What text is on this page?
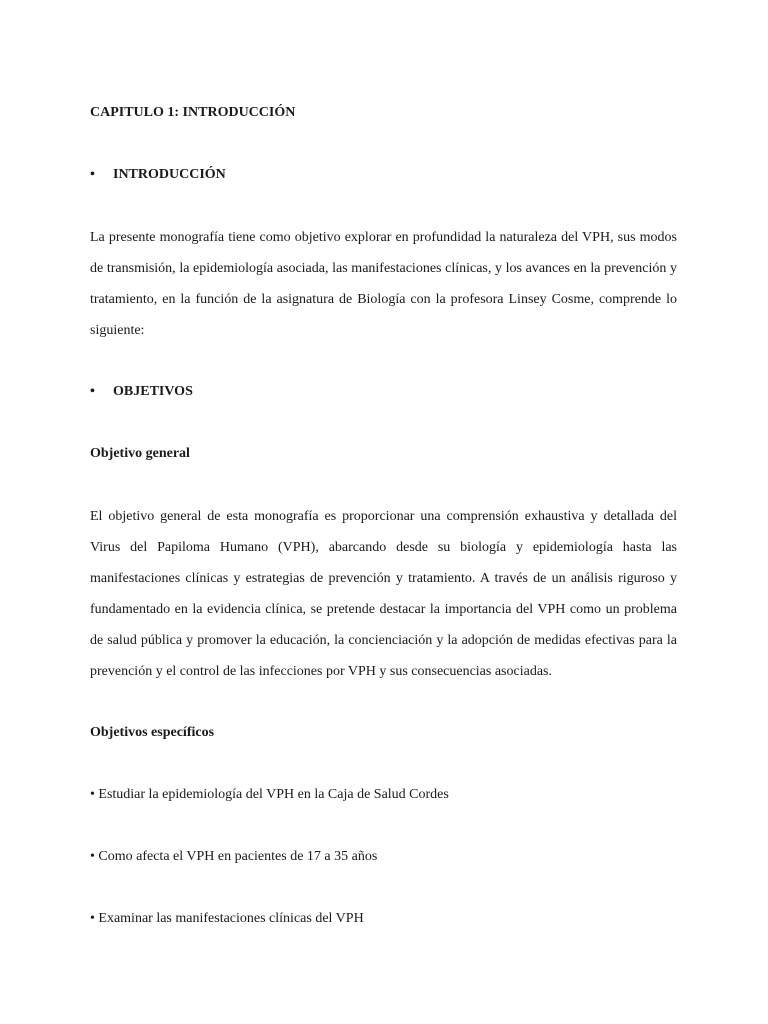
CAPITULO 1: INTRODUCCIÓN
• INTRODUCCIÓN
La presente monografía tiene como objetivo explorar en profundidad la naturaleza del VPH, sus modos de transmisión, la epidemiología asociada, las manifestaciones clínicas, y los avances en la prevención y tratamiento, en la función de la asignatura de Biología con la profesora Linsey Cosme, comprende lo siguiente:
• OBJETIVOS
Objetivo general
El objetivo general de esta monografía es proporcionar una comprensión exhaustiva y detallada del Virus del Papiloma Humano (VPH), abarcando desde su biología y epidemiología hasta las manifestaciones clínicas y estrategias de prevención y tratamiento. A través de un análisis riguroso y fundamentado en la evidencia clínica, se pretende destacar la importancia del VPH como un problema de salud pública y promover la educación, la concienciación y la adopción de medidas efectivas para la prevención y el control de las infecciones por VPH y sus consecuencias asociadas.
Objetivos específicos
• Estudiar la epidemiología del VPH en la Caja de Salud Cordes
• Como afecta el VPH en pacientes de 17 a 35 años
• Examinar las manifestaciones clínicas del VPH
